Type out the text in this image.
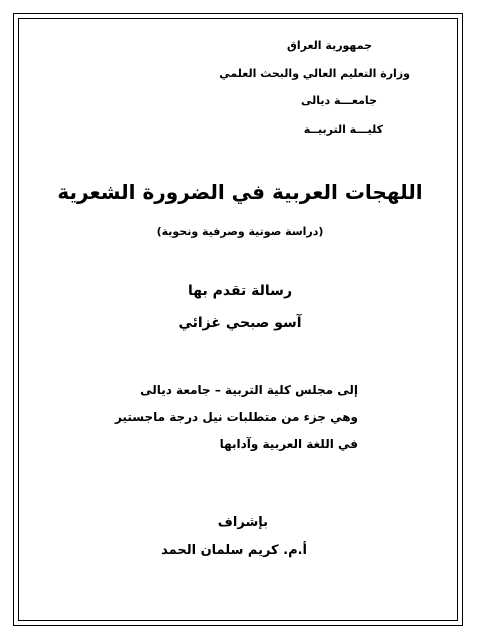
جمهورية العراق
وزارة التعليم العالي والبحث العلمي
جامعـــة ديالى
كليـــة التربيــة
اللهجات العربية في الضرورة الشعرية
(دراسة صوتية وصرفية ونحوية)
رسالة تقدم بها
آسو صبحي غزائي
إلى مجلس كلية التربية – جامعة ديالى
وهي جزء من متطلبات نيل درجة ماجستير
في اللغة العربية وآدابها
بإشراف
أ.م. كريم سلمان الحمد
